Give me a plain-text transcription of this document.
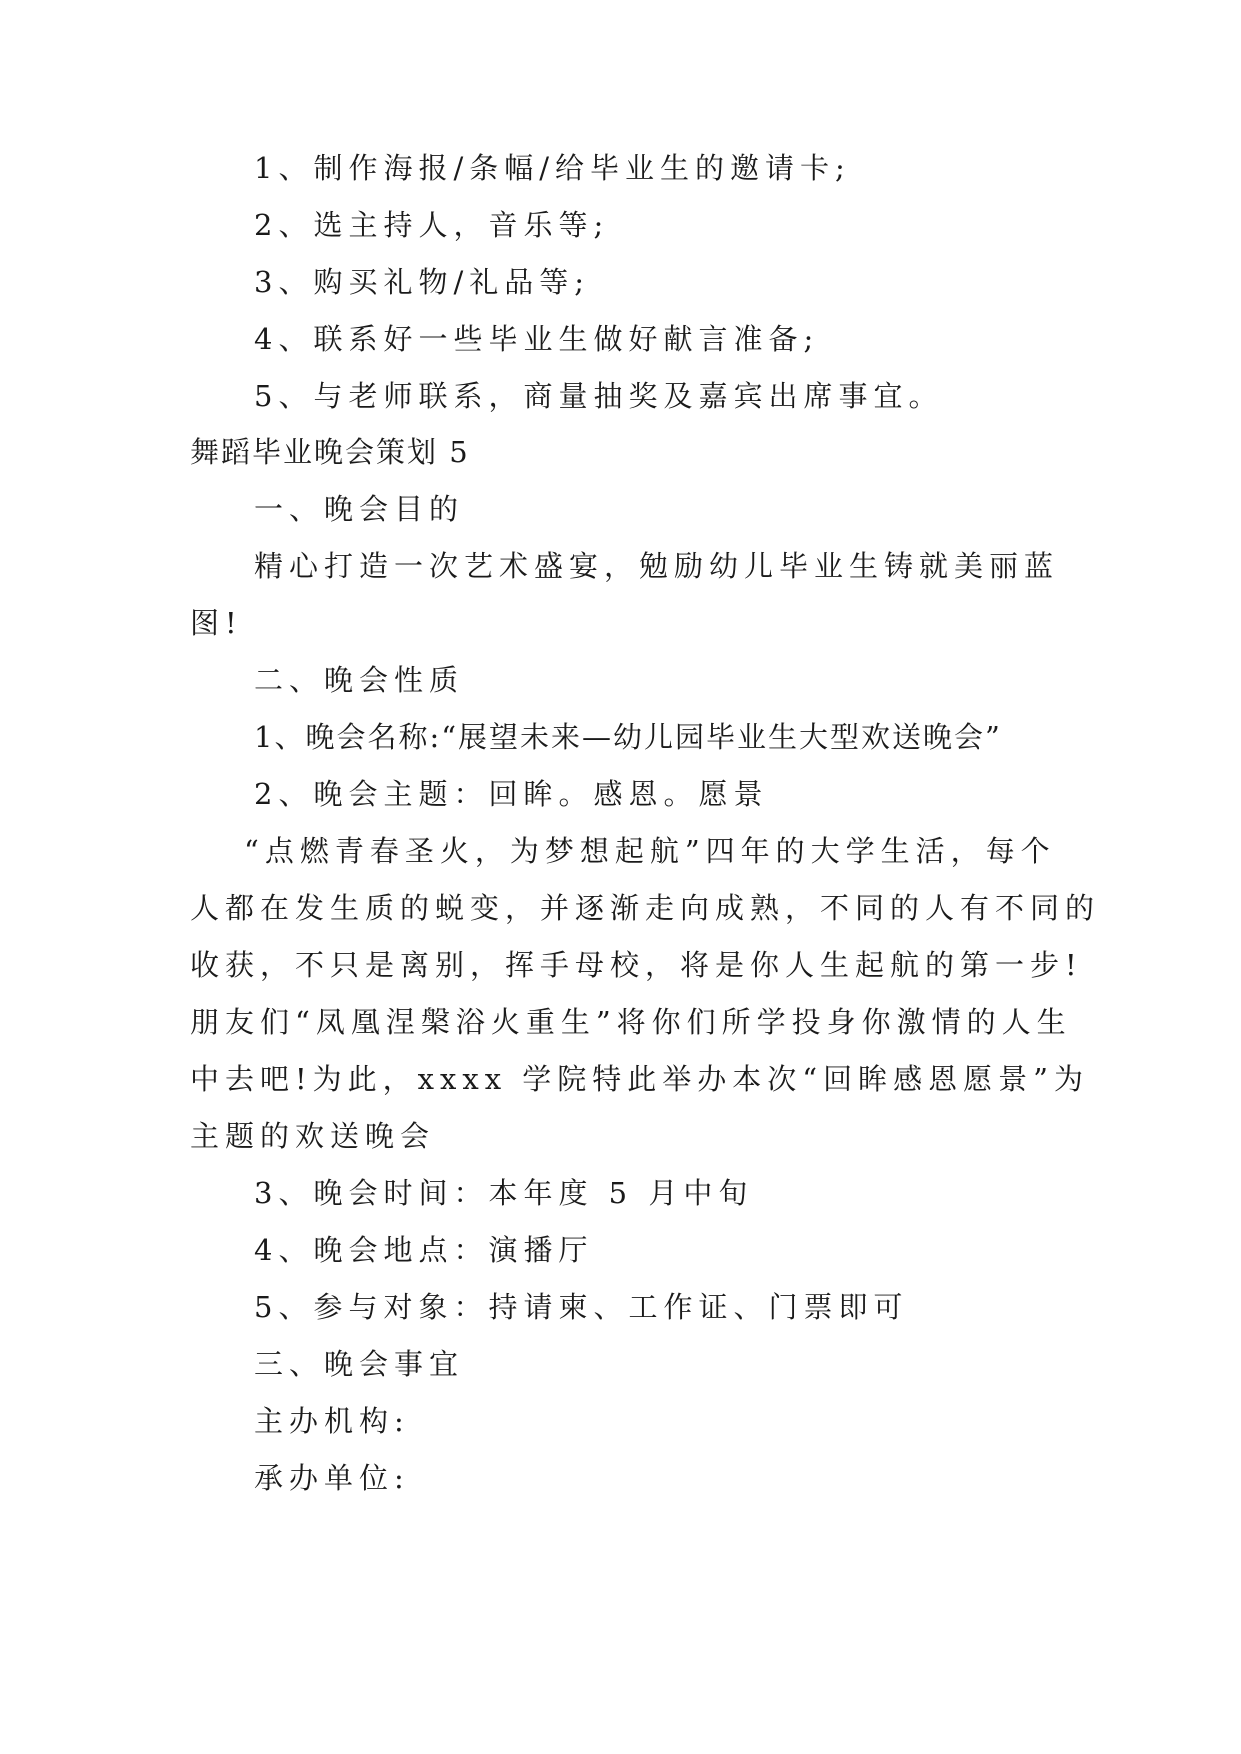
1、制作海报/条幅/给毕业生的邀请卡;
2、选主持人，音乐等;
3、购买礼物/礼品等;
4、联系好一些毕业生做好献言准备;
5、与老师联系，商量抽奖及嘉宾出席事宜。
舞蹈毕业晚会策划 5
一、晚会目的
精心打造一次艺术盛宴，勉励幼儿毕业生铸就美丽蓝
图!
二、晚会性质
1、晚会名称:“展望未来—幼儿园毕业生大型欢送晚会”
2、晚会主题：回眸。感恩。愿景
“点燃青春圣火，为梦想起航”四年的大学生活，每个
人都在发生质的蜕变，并逐渐走向成熟，不同的人有不同的
收获，不只是离别，挥手母校，将是你人生起航的第一步!
朋友们“凤凰涅槃浴火重生”将你们所学投身你激情的人生
中去吧!为此，xxxx 学院特此举办本次“回眸感恩愿景”为
主题的欢送晚会
3、晚会时间：本年度 5 月中旬
4、晚会地点：演播厅
5、参与对象：持请柬、工作证、门票即可
三、晚会事宜
主办机构:
承办单位:
